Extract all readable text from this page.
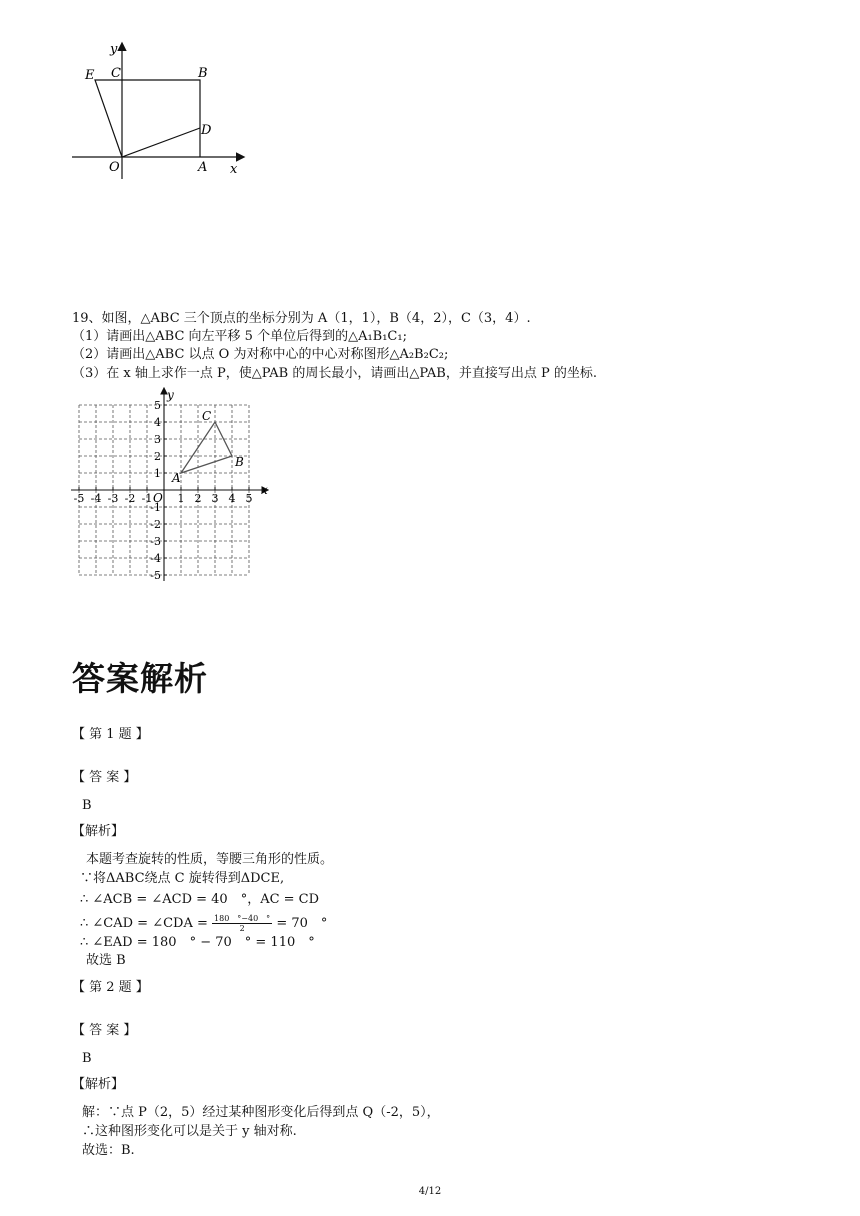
y
x
E C	B
D
O	A
19、如图，△ABC 三个顶点的坐标分别为 A（1，1），B（4，2），C（3，4）.
（1）请画出△ABC 向左平移 5 个单位后得到的△A₁B₁C₁;
（2）请画出△ABC 以点 O 为对称中心的中心对称图形△A₂B₂C₂;
（3）在 x 轴上求作一点 P，使△PAB 的周长最小，请画出△PAB，并直接写出点 P 的坐标.
-5 -4 -3 -2 -1 1 2 3 4 5
5
4
3
2
1
-1
-2
-3
-4
-5
A
B
C
x
y
O
答案解析
【 第 1 题 】
【 答 案 】
B
【解析】
本题考查旋转的性质，等腰三角形的性质。
∵将ΔABC绕点 C 旋转得到ΔDCE,
∴ ∠ACB = ∠ACD = 40　°，AC = CD
∴ ∠CAD = ∠CDA = $\frac{180 ^\circ-40 ^\circ}{2} = 70$　°
∴ ∠EAD = 180　° − 70　° = 110　°
故选 B
【 第 2 题 】
【 答 案 】
B
【解析】
解：∵点 P（2，5）经过某种图形变化后得到点 Q（-2，5），
∴这种图形变化可以是关于 y 轴对称.
故选：B.
4/12
